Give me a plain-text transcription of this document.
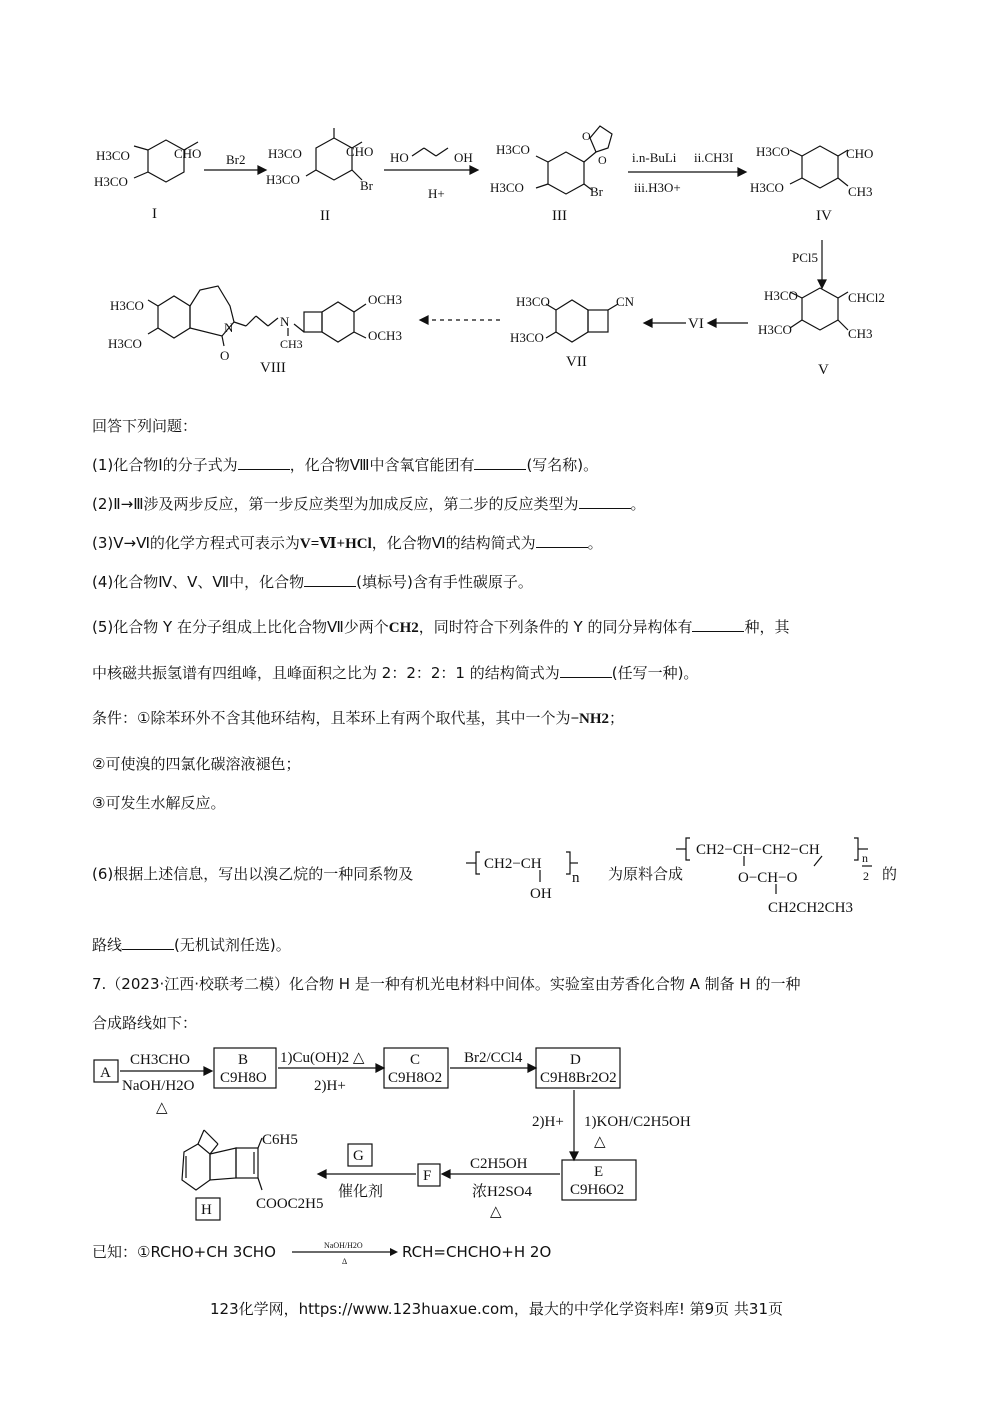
H3CO
H3CO
CHO
I
Br2 H3CO
H3CO
CHO
Br
II
HO	OH
H+
H3CO
H3CO
O
O
Br
III
i.n-BuLi ii.CH3I
iii.H3O+
H3CO
H3CO
CHO
CH3
IV
PCl5
H3CO
H3CO
CHCl2
CH3
V
VI
H3CO
H3CO
CN
VII
H3CO
H3CO
N	N
CH3
O
OCH3
OCH3
VIII
回答下列问题：
(1)化合物Ⅰ的分子式为	，化合物Ⅷ中含氧官能团有	(写名称)。
(2)Ⅱ→Ⅲ涉及两步反应，第一步反应类型为加成反应，第二步的反应类型为	。
(3)Ⅴ→Ⅵ的化学方程式可表示为V=Ⅵ+HCl，化合物Ⅵ的结构简式为	。
(4)化合物Ⅳ、Ⅴ、Ⅶ中，化合物	(填标号)含有手性碳原子。
(5)化合物 Y 在分子组成上比化合物Ⅶ少两个CH2，同时符合下列条件的 Y 的同分异构体有	种，其
中核磁共振氢谱有四组峰，且峰面积之比为 2：2：2：1 的结构简式为	(任写一种)。
条件：①除苯环外不含其他环结构，且苯环上有两个取代基，其中一个为−NH2；
②可使溴的四氯化碳溶液褪色；
③可发生水解反应。
(6)根据上述信息，写出以溴乙烷的一种同系物及
CH2−CH
n
OH
为原料合成
CH2−CH−CH2−CH
O−CH−O
CH2CH2CH3
n
2 的
路线	(无机试剂任选)。
7.（2023·江西·校联考二模）化合物 H 是一种有机光电材料中间体。实验室由芳香化合物 A 制备 H 的一种
合成路线如下：
A
CH3CHO
NaOH/H2O
△
B
C9H8O
1)Cu(OH)2 △
2)H+
C
C9H8O2
Br2/CCl4	D
C9H8Br2O2
1)KOH/C2H5OH
2)H+
△
E
C9H6O2
C2H5OH
浓H2SO4
△
F
G
催化剂
H
C6H5
COOC2H5
已知：①RCHO+CH 3CHO	NaOH/H2O
Δ
RCH=CHCHO+H 2O
123化学网，https://www.123huaxue.com，最大的中学化学资料库! 第9页 共31页
